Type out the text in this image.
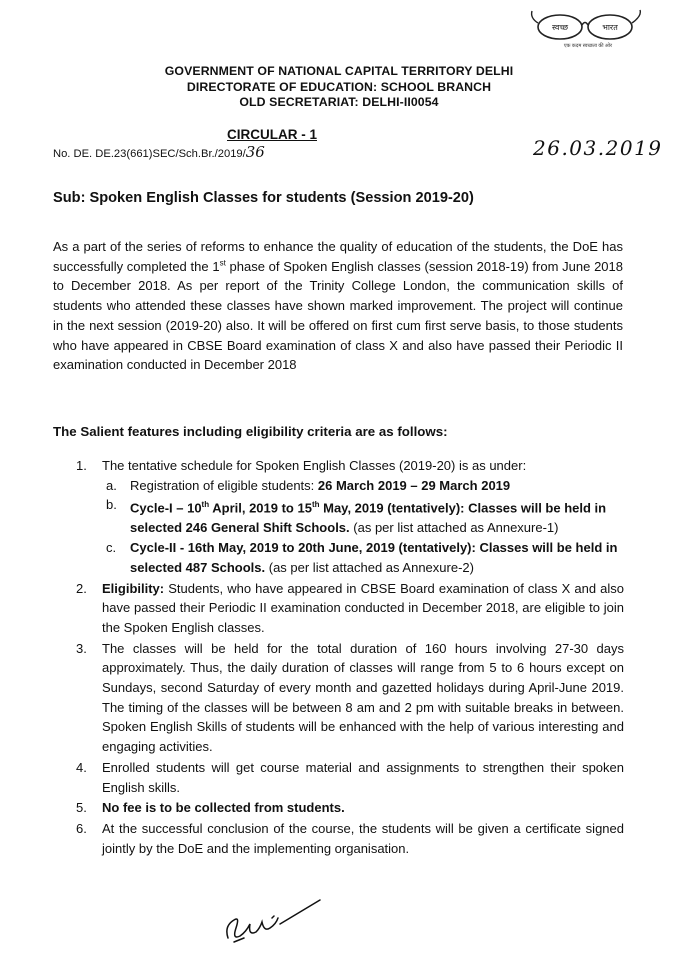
स्वच्छ	भारत
एक कदम स्वच्छता की ओर
GOVERNMENT OF NATIONAL CAPITAL TERRITORY DELHI
DIRECTORATE OF EDUCATION: SCHOOL BRANCH
OLD SECRETARIAT: DELHI-II0054
CIRCULAR - 1
No. DE. DE.23(661)SEC/Sch.Br./2019/36	26.03.2019
Sub: Spoken English Classes for students (Session 2019-20)
As a part of the series of reforms to enhance the quality of education of the students, the DoE has successfully completed the 1st phase of Spoken English classes (session 2018-19) from June 2018 to December 2018. As per report of the Trinity College London, the communication skills of students who attended these classes have shown marked improvement. The project will continue in the next session (2019-20) also. It will be offered on first cum first serve basis, to those students who have appeared in CBSE Board examination of class X and also have passed their Periodic II examination conducted in December 2018
The Salient features including eligibility criteria are as follows:
1. The tentative schedule for Spoken English Classes (2019-20) is as under:
a. Registration of eligible students: 26 March 2019 – 29 March 2019
b. Cycle-I – 10th April, 2019 to 15th May, 2019 (tentatively): Classes will be held in selected 246 General Shift Schools. (as per list attached as Annexure-1)
c. Cycle-II - 16th May, 2019 to 20th June, 2019 (tentatively): Classes will be held in selected 487 Schools. (as per list attached as Annexure-2)
2. Eligibility: Students, who have appeared in CBSE Board examination of class X and also have passed their Periodic II examination conducted in December 2018, are eligible to join the Spoken English classes.
3. The classes will be held for the total duration of 160 hours involving 27-30 days approximately. Thus, the daily duration of classes will range from 5 to 6 hours except on Sundays, second Saturday of every month and gazetted holidays during April-June 2019. The timing of the classes will be between 8 am and 2 pm with suitable breaks in between. Spoken English Skills of students will be enhanced with the help of various interesting and engaging activities.
4. Enrolled students will get course material and assignments to strengthen their spoken English skills.
5. No fee is to be collected from students.
6. At the successful conclusion of the course, the students will be given a certificate signed jointly by the DoE and the implementing organisation.
